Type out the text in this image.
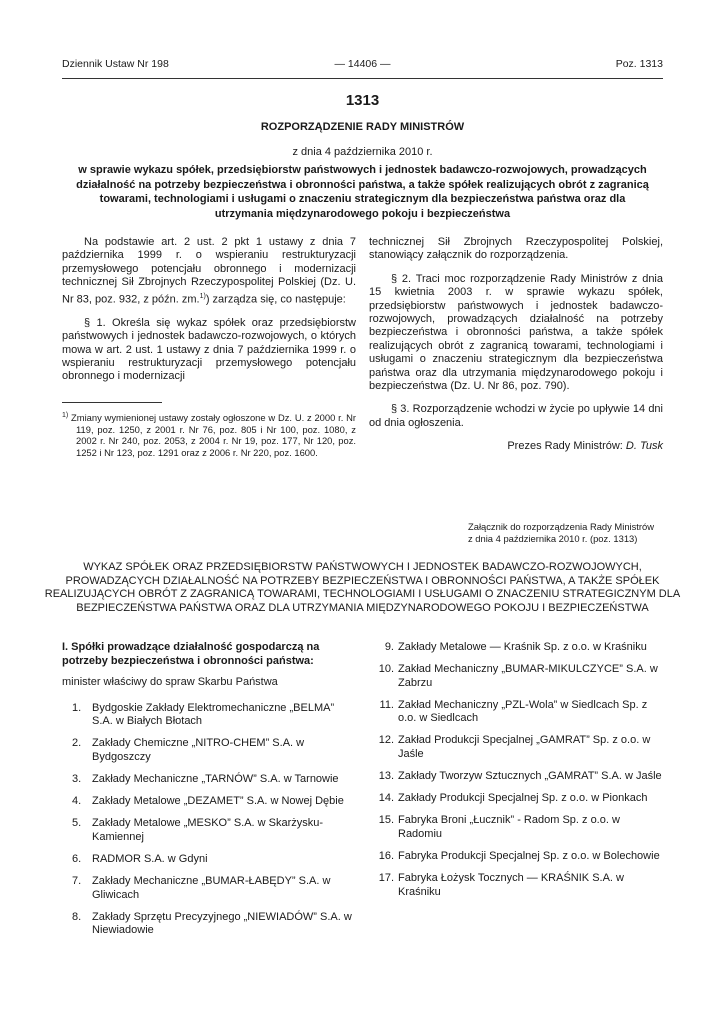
Dziennik Ustaw Nr 198	— 14406 —	Poz. 1313
1313
ROZPORZĄDZENIE RADY MINISTRÓW
z dnia 4 października 2010 r.
w sprawie wykazu spółek, przedsiębiorstw państwowych i jednostek badawczo-rozwojowych, prowadzących działalność na potrzeby bezpieczeństwa i obronności państwa, a także spółek realizujących obrót z zagranicą towarami, technologiami i usługami o znaczeniu strategicznym dla bezpieczeństwa państwa oraz dla utrzymania międzynarodowego pokoju i bezpieczeństwa

Na podstawie art. 2 ust. 2 pkt 1 ustawy z dnia 7 października 1999 r. o wspieraniu restrukturyzacji przemysłowego potencjału obronnego i modernizacji technicznej Sił Zbrojnych Rzeczypospolitej Polskiej (Dz. U. Nr 83, poz. 932, z późn. zm.$^{1)}$) zarządza się, co następuje:

§ 1. Określa się wykaz spółek oraz przedsiębiorstw państwowych i jednostek badawczo-rozwojowych, o których mowa w art. 2 ust. 1 ustawy z dnia 7 października 1999 r. o wspieraniu restrukturyzacji przemysłowego potencjału obronnego i modernizacji

technicznej Sił Zbrojnych Rzeczypospolitej Polskiej, stanowiący załącznik do rozporządzenia.

§ 2. Traci moc rozporządzenie Rady Ministrów z dnia 15 kwietnia 2003 r. w sprawie wykazu spółek, przedsiębiorstw państwowych i jednostek badawczo-rozwojowych, prowadzących działalność na potrzeby bezpieczeństwa i obronności państwa, a także spółek realizujących obrót z zagranicą towarami, technologiami i usługami o znaczeniu strategicznym dla bezpieczeństwa państwa oraz dla utrzymania międzynarodowego pokoju i bezpieczeństwa (Dz. U. Nr 86, poz. 790).

§ 3. Rozporządzenie wchodzi w życie po upływie 14 dni od dnia ogłoszenia.

Prezes Rady Ministrów: D. Tusk

$^{1)}$ Zmiany wymienionej ustawy zostały ogłoszone w Dz. U. z 2000 r. Nr 119, poz. 1250, z 2001 r. Nr 76, poz. 805 i Nr 100, poz. 1080, z 2002 r. Nr 240, poz. 2053, z 2004 r. Nr 19, poz. 177, Nr 120, poz. 1252 i Nr 123, poz. 1291 oraz z 2006 r. Nr 220, poz. 1600.
Załącznik do rozporządzenia Rady Ministrów
z dnia 4 października 2010 r. (poz. 1313)
WYKAZ SPÓŁEK ORAZ PRZEDSIĘBIORSTW PAŃSTWOWYCH I JEDNOSTEK BADAWCZO-ROZWOJOWYCH, PROWADZĄCYCH DZIAŁALNOŚĆ NA POTRZEBY BEZPIECZEŃSTWA I OBRONNOŚCI PAŃSTWA, A TAKŻE SPÓŁEK REALIZUJĄCYCH OBRÓT Z ZAGRANICĄ TOWARAMI, TECHNOLOGIAMI I USŁUGAMI O ZNACZENIU STRATEGICZNYM DLA BEZPIECZEŃSTWA PAŃSTWA ORAZ DLA UTRZYMANIA MIĘDZYNARODOWEGO POKOJU I BEZPIECZEŃSTWA
I. Spółki prowadzące działalność gospodarczą na potrzeby bezpieczeństwa i obronności państwa:
minister właściwy do spraw Skarbu Państwa
1. Bydgoskie Zakłady Elektromechaniczne „BELMA” S.A. w Białych Błotach
2. Zakłady Chemiczne „NITRO-CHEM” S.A. w Bydgoszczy
3. Zakłady Mechaniczne „TARNÓW” S.A. w Tarnowie
4. Zakłady Metalowe „DEZAMET” S.A. w Nowej Dębie
5. Zakłady Metalowe „MESKO” S.A. w Skarżysku-Kamiennej
6. RADMOR S.A. w Gdyni
7. Zakłady Mechaniczne „BUMAR-ŁABĘDY” S.A. w Gliwicach
8. Zakłady Sprzętu Precyzyjnego „NIEWIADÓW” S.A. w Niewiadowie
9. Zakłady Metalowe — Kraśnik Sp. z o.o. w Kraśniku
10. Zakład Mechaniczny „BUMAR-MIKULCZYCE” S.A. w Zabrzu
11. Zakład Mechaniczny „PZL-Wola” w Siedlcach Sp. z o.o. w Siedlcach
12. Zakład Produkcji Specjalnej „GAMRAT” Sp. z o.o. w Jaśle
13. Zakłady Tworzyw Sztucznych „GAMRAT” S.A. w Jaśle
14. Zakłady Produkcji Specjalnej Sp. z o.o. w Pionkach
15. Fabryka Broni „Łucznik” - Radom Sp. z o.o. w Radomiu
16. Fabryka Produkcji Specjalnej Sp. z o.o. w Bolechowie
17. Fabryka Łożysk Tocznych — KRAŚNIK S.A. w Kraśniku
